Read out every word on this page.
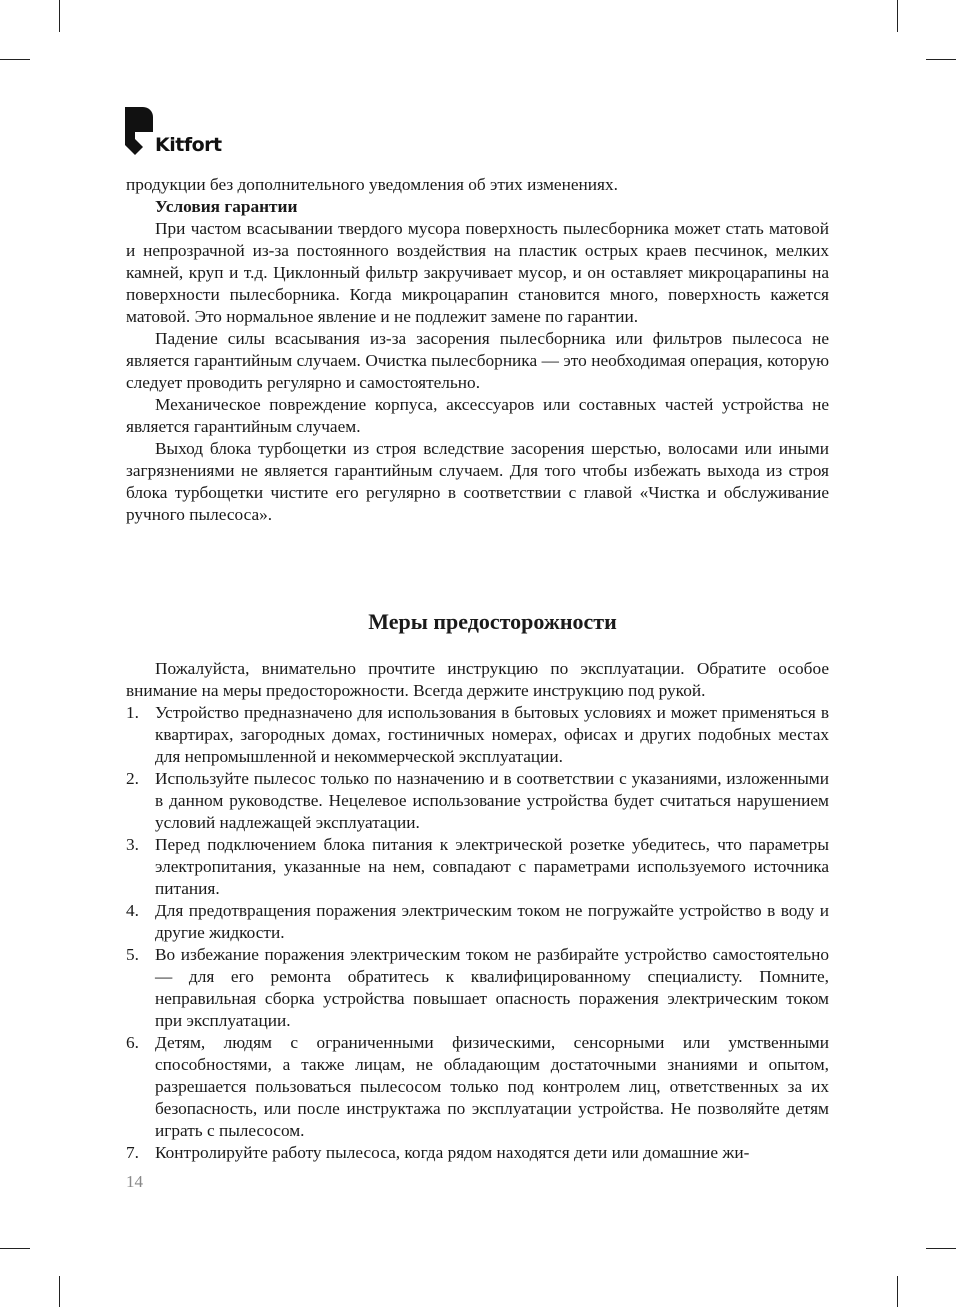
Kitfort

продукции без дополнительного уведомления об этих изменениях.

Условия гарантии

При частом всасывании твердого мусора поверхность пылесборника может стать матовой и непрозрачной из-за постоянного воздействия на пластик острых краев песчинок, мелких камней, круп и т.д. Циклонный фильтр закручивает мусор, и он оставляет микроцарапины на поверхности пылесборника. Когда микроцарапин становится много, поверхность кажется матовой. Это нормальное явление и не подлежит замене по гарантии.

Падение силы всасывания из-за засорения пылесборника или фильтров пылесоса не является гарантийным случаем. Очистка пылесборника — это необходимая операция, которую следует проводить регулярно и самостоятельно.

Механическое повреждение корпуса, аксессуаров или составных частей устройства не является гарантийным случаем.

Выход блока турбощетки из строя вследствие засорения шерстью, волосами или иными загрязнениями не является гарантийным случаем. Для того чтобы избежать выхода из строя блока турбощетки чистите его регулярно в соответствии с главой «Чистка и обслуживание ручного пылесоса».

Меры предосторожности

Пожалуйста, внимательно прочтите инструкцию по эксплуатации. Обратите особое внимание на меры предосторожности. Всегда держите инструкцию под рукой.

1. Устройство предназначено для использования в бытовых условиях и может применяться в квартирах, загородных домах, гостиничных номерах, офисах и других подобных местах для непромышленной и некоммерческой эксплуатации.
2. Используйте пылесос только по назначению и в соответствии с указаниями, изложенными в данном руководстве. Нецелевое использование устройства будет считаться нарушением условий надлежащей эксплуатации.
3. Перед подключением блока питания к электрической розетке убедитесь, что параметры электропитания, указанные на нем, совпадают с параметрами используемого источника питания.
4. Для предотвращения поражения электрическим током не погружайте устройство в воду и другие жидкости.
5. Во избежание поражения электрическим током не разбирайте устройство самостоятельно — для его ремонта обратитесь к квалифицированному специалисту. Помните, неправильная сборка устройства повышает опасность поражения электрическим током при эксплуатации.
6. Детям, людям с ограниченными физическими, сенсорными или умственными способностями, а также лицам, не обладающим достаточными знаниями и опытом, разрешается пользоваться пылесосом только под контролем лиц, ответственных за их безопасность, или после инструктажа по эксплуатации устройства. Не позволяйте детям играть с пылесосом.
7. Контролируйте работу пылесоса, когда рядом находятся дети или домашние жи-
14
